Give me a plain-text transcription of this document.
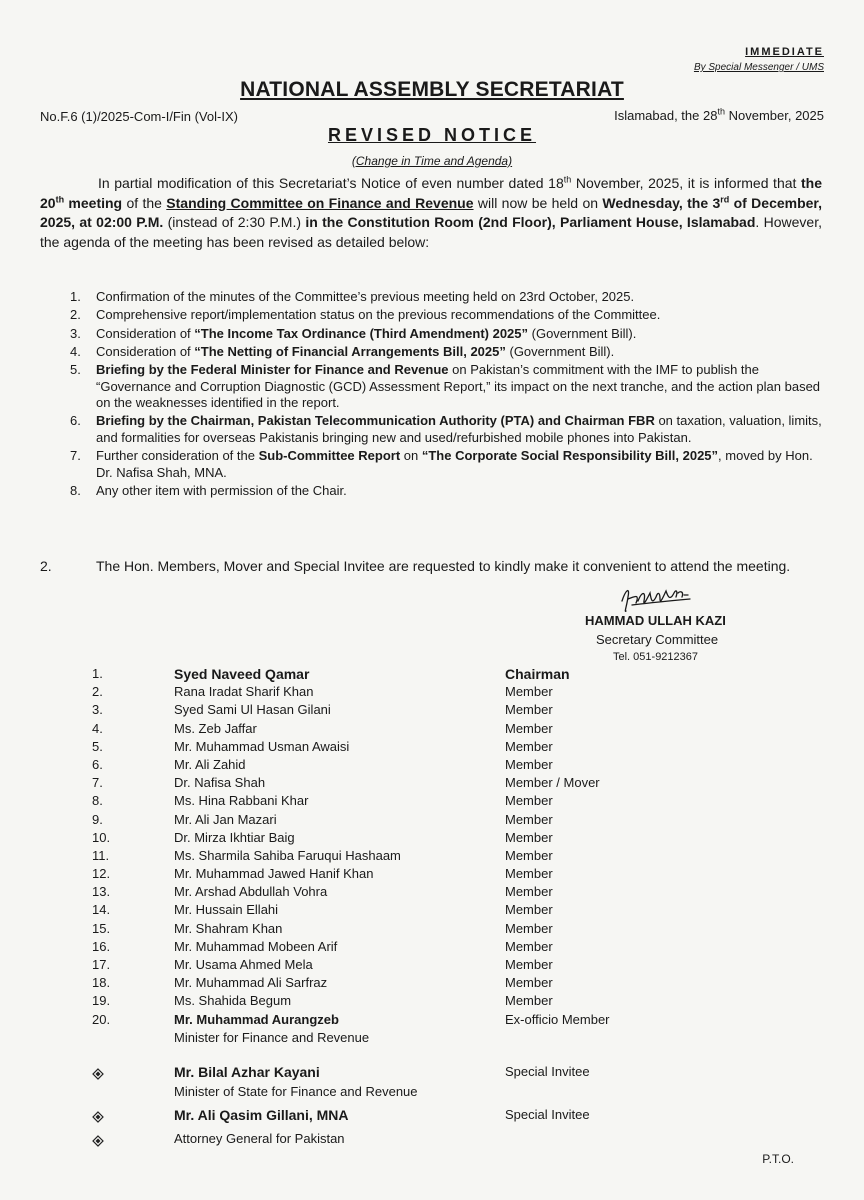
IMMEDIATE
By Special Messenger / UMS
NATIONAL ASSEMBLY SECRETARIAT
No.F.6 (1)/2025-Com-I/Fin (Vol-IX)	Islamabad, the 28th November, 2025
REVISED NOTICE
(Change in Time and Agenda)
In partial modification of this Secretariat’s Notice of even number dated 18th November, 2025, it is informed that the 20th meeting of the Standing Committee on Finance and Revenue will now be held on Wednesday, the 3rd of December, 2025, at 02:00 P.M. (instead of 2:30 P.M.) in the Constitution Room (2nd Floor), Parliament House, Islamabad. However, the agenda of the meeting has been revised as detailed below:
1. Confirmation of the minutes of the Committee’s previous meeting held on 23rd October, 2025.
2. Comprehensive report/implementation status on the previous recommendations of the Committee.
3. Consideration of “The Income Tax Ordinance (Third Amendment) 2025” (Government Bill).
4. Consideration of “The Netting of Financial Arrangements Bill, 2025” (Government Bill).
5. Briefing by the Federal Minister for Finance and Revenue on Pakistan’s commitment with the IMF to publish the “Governance and Corruption Diagnostic (GCD) Assessment Report,” its impact on the next tranche, and the action plan based on the weaknesses identified in the report.
6. Briefing by the Chairman, Pakistan Telecommunication Authority (PTA) and Chairman FBR on taxation, valuation, limits, and formalities for overseas Pakistanis bringing new and used/refurbished mobile phones into Pakistan.
7. Further consideration of the Sub-Committee Report on “The Corporate Social Responsibility Bill, 2025”, moved by Hon. Dr. Nafisa Shah, MNA.
8. Any other item with permission of the Chair.
2.	The Hon. Members, Mover and Special Invitee are requested to kindly make it convenient to attend the meeting.
HAMMAD ULLAH KAZI
Secretary Committee
Tel. 051-9212367
1.	Syed Naveed Qamar	Chairman
2.	Rana Iradat Sharif Khan	Member
3.	Syed Sami Ul Hasan Gilani	Member
4.	Ms. Zeb Jaffar	Member
5.	Mr. Muhammad Usman Awaisi	Member
6.	Mr. Ali Zahid	Member
7.	Dr. Nafisa Shah	Member / Mover
8.	Ms. Hina Rabbani Khar	Member
9.	Mr. Ali Jan Mazari	Member
10.	Dr. Mirza Ikhtiar Baig	Member
11.	Ms. Sharmila Sahiba Faruqui Hashaam	Member
12.	Mr. Muhammad Jawed Hanif Khan	Member
13.	Mr. Arshad Abdullah Vohra	Member
14.	Mr. Hussain Ellahi	Member
15.	Mr. Shahram Khan	Member
16.	Mr. Muhammad Mobeen Arif	Member
17.	Mr. Usama Ahmed Mela	Member
18.	Mr. Muhammad Ali Sarfraz	Member
19.	Ms. Shahida Begum	Member
20.	Mr. Muhammad Aurangzeb	Ex-officio Member
Minister for Finance and Revenue
Mr. Bilal Azhar Kayani	Special Invitee
Minister of State for Finance and Revenue
Mr. Ali Qasim Gillani, MNA	Special Invitee
Attorney General for Pakistan
P.T.O.
